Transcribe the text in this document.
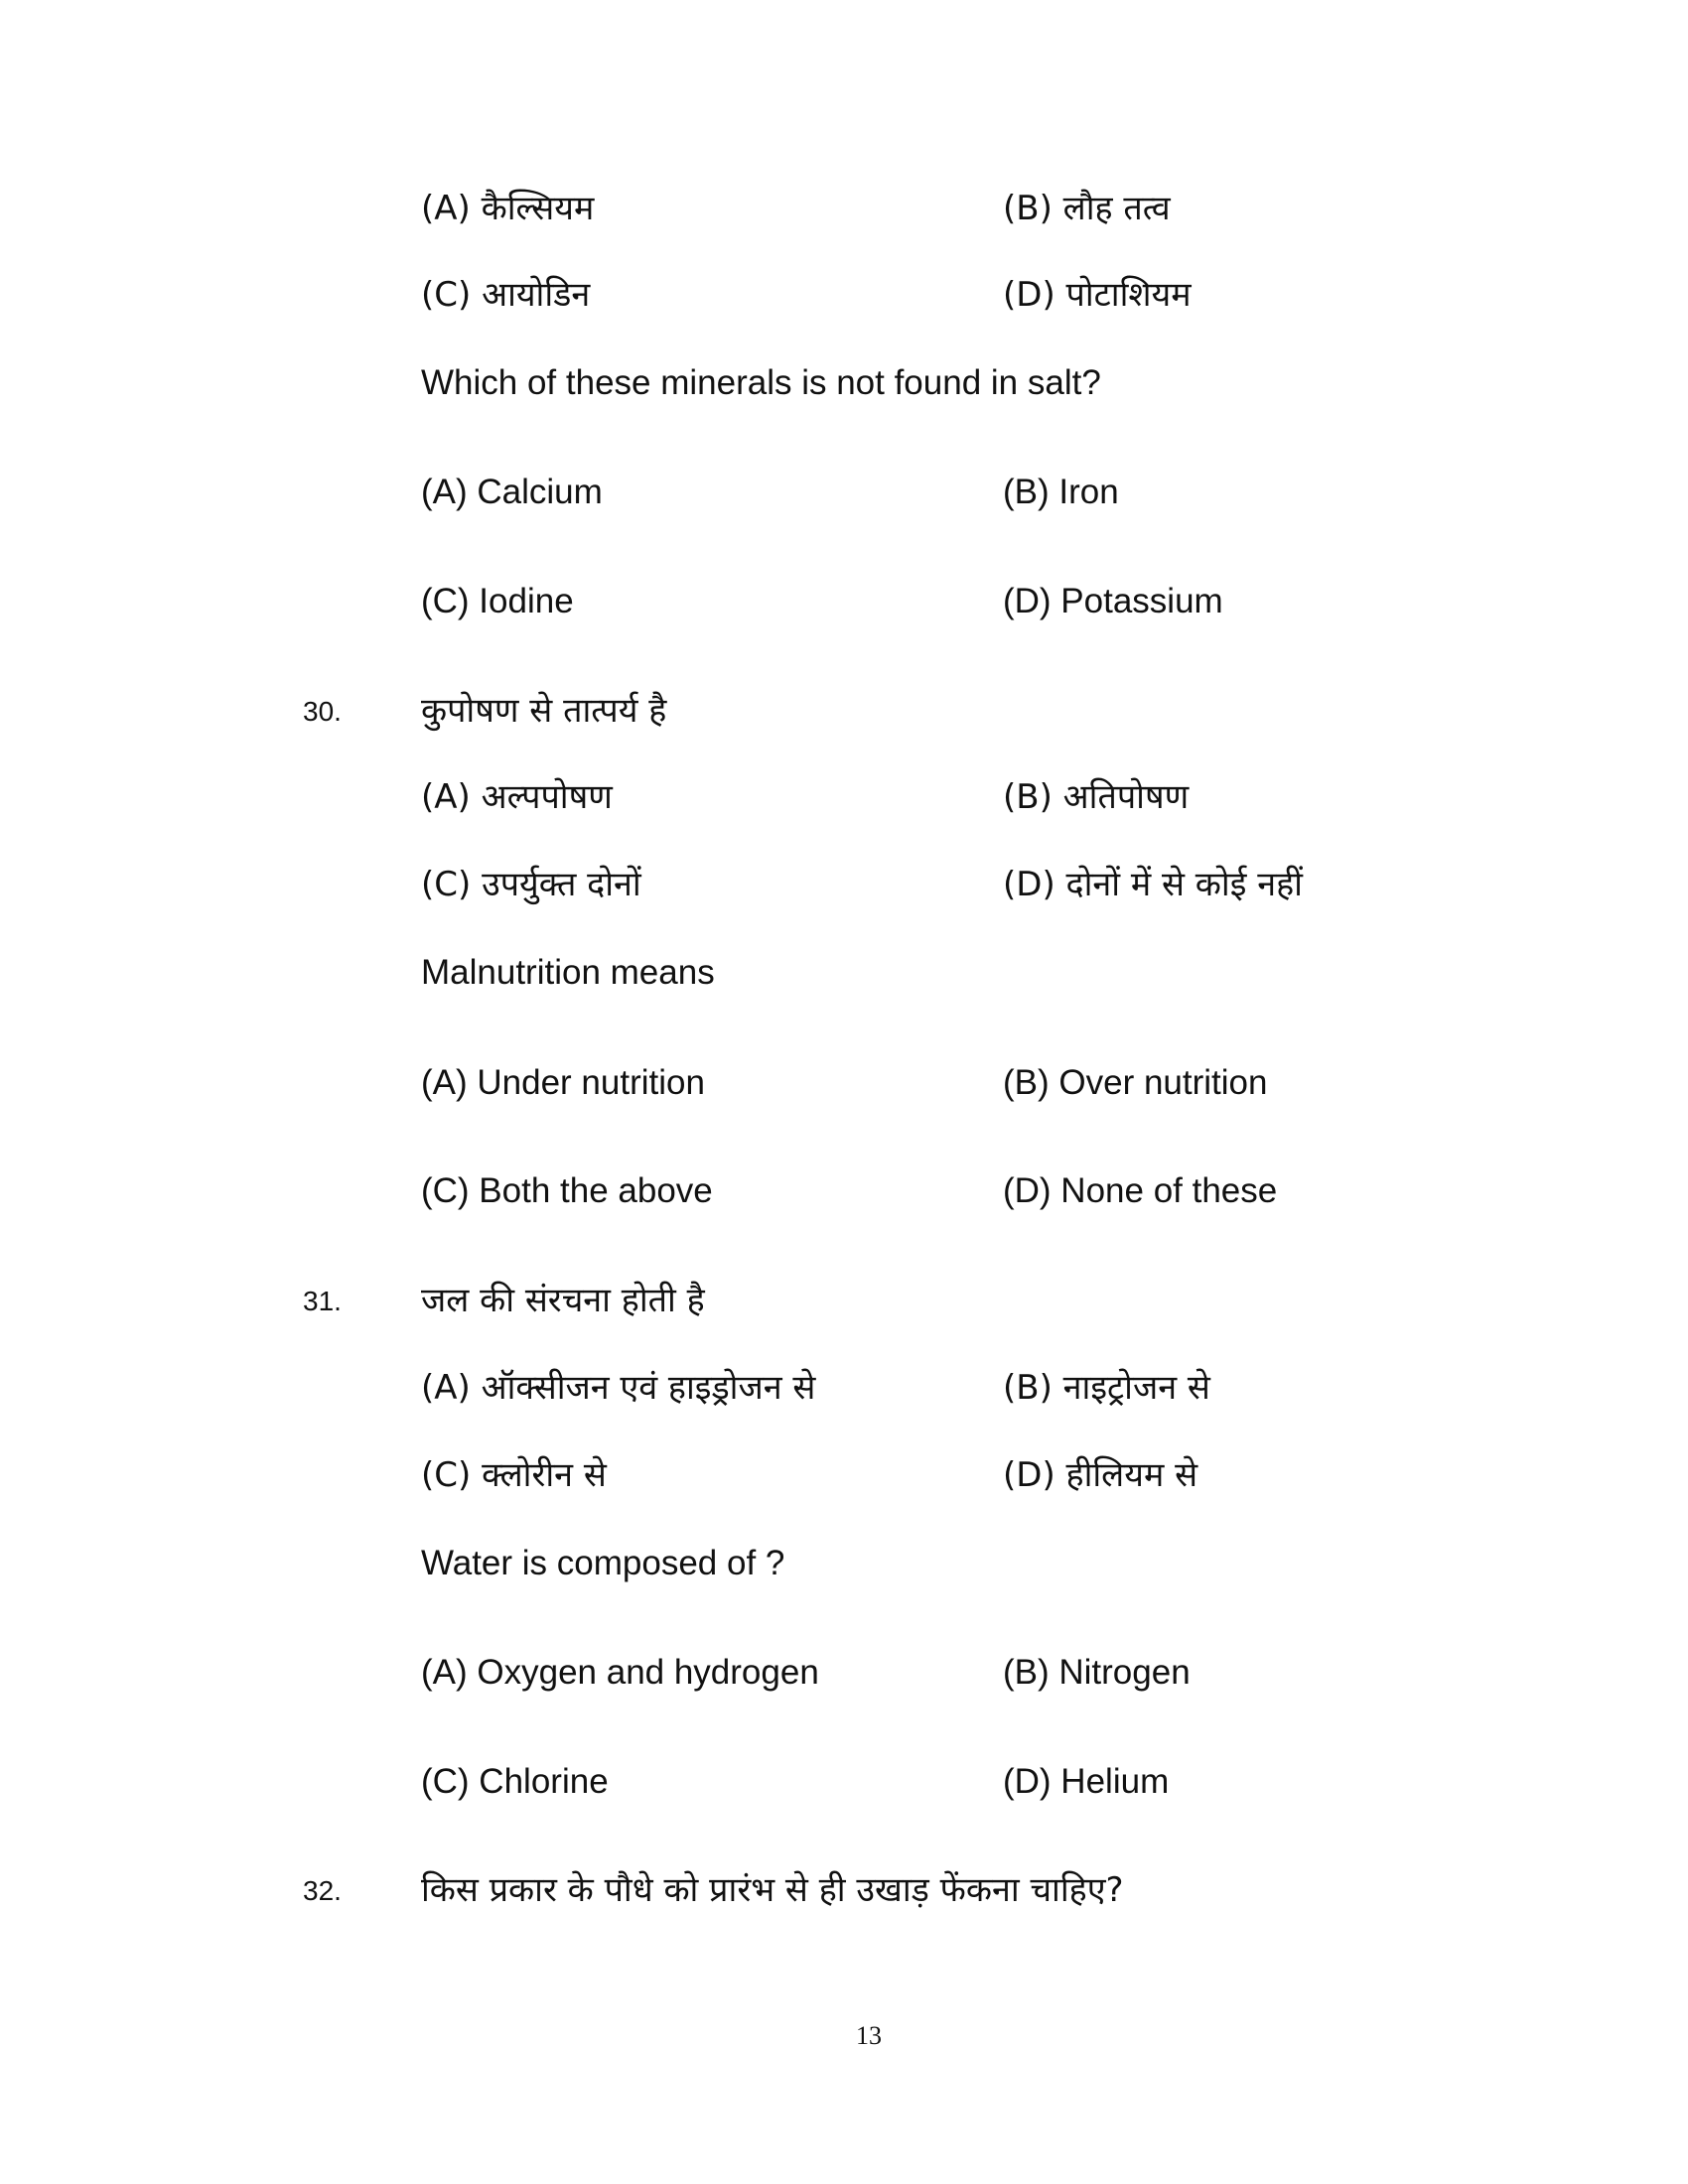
(A) कैल्सियम	(B) लौह तत्व
(C) आयोडिन	(D) पोटाशियम
Which of these minerals is not found in salt?
(A) Calcium	(B) Iron
(C) Iodine	(D) Potassium
30. कुपोषण से तात्पर्य है
(A) अल्पपोषण	(B) अतिपोषण
(C) उपर्युक्त दोनों	(D) दोनों में से कोई नहीं
Malnutrition means
(A) Under nutrition	(B) Over nutrition
(C) Both the above	(D) None of these
31. जल की संरचना होती है
(A) ऑक्सीजन एवं हाइड्रोजन से	(B) नाइट्रोजन से
(C) क्लोरीन से	(D) हीलियम से
Water is composed of ?
(A) Oxygen and hydrogen	(B) Nitrogen
(C) Chlorine	(D) Helium
32. किस प्रकार के पौधे को प्रारंभ से ही उखाड़ फेंकना चाहिए?
13
